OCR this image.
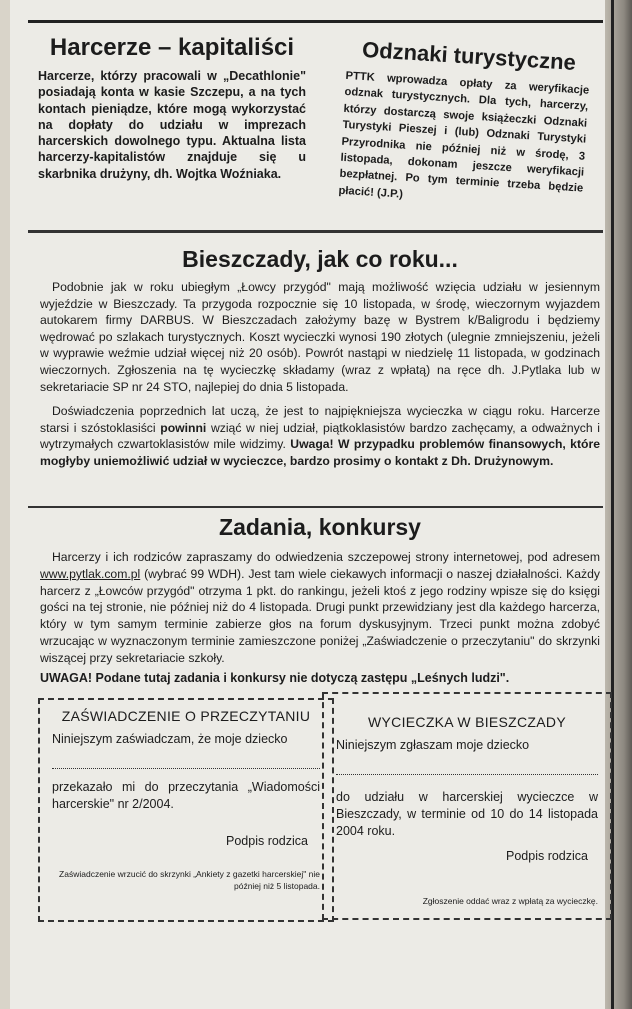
Harcerze – kapitaliści

Harcerze, którzy pracowali w „Decathlonie" posiadają konta w kasie Szczepu, a na tych kontach pieniądze, które mogą wykorzystać na dopłaty do udziału w imprezach harcerskich dowolnego typu. Aktualna lista harcerzy-kapitalistów znajduje się u skarbnika drużyny, dh. Wojtka Woźniaka.

Odznaki turystyczne

PTTK wprowadza opłaty za weryfikacje odznak turystycznych. Dla tych, harcerzy, którzy dostarczą swoje książeczki Odznaki Turystyki Pieszej i (lub) Odznaki Turystyki Przyrodnika nie później niż w środę, 3 listopada, dokonam jeszcze weryfikacji bezpłatnej. Po tym terminie trzeba będzie płacić! (J.P.)

Bieszczady, jak co roku...

Podobnie jak w roku ubiegłym „Łowcy przygód" mają możliwość wzięcia udziału w jesiennym wyjeździe w Bieszczady. Ta przygoda rozpocznie się 10 listopada, w środę, wieczornym wyjazdem autokarem firmy DARBUS. W Bieszczadach założymy bazę w Bystrem k/Baligrodu i będziemy wędrować po szlakach turystycznych. Koszt wycieczki wynosi 190 złotych (ulegnie zmniejszeniu, jeżeli w wyprawie weźmie udział więcej niż 20 osób). Powrót nastąpi w niedzielę 11 listopada, w godzinach wieczornych. Zgłoszenia na tę wycieczkę składamy (wraz z wpłatą) na ręce dh. J.Pytlaka lub w sekretariacie SP nr 24 STO, najlepiej do dnia 5 listopada.

Doświadczenia poprzednich lat uczą, że jest to najpiękniejsza wycieczka w ciągu roku. Harcerze starsi i szóstoklasiści powinni wziąć w niej udział, piątkoklasistów bardzo zachęcamy, a odważnych i wytrzymałych czwartoklasistów mile widzimy. Uwaga! W przypadku problemów finansowych, które mogłyby uniemożliwić udział w wycieczce, bardzo prosimy o kontakt z Dh. Drużynowym.

Zadania, konkursy

Harcerzy i ich rodziców zapraszamy do odwiedzenia szczepowej strony internetowej, pod adresem www.pytlak.com.pl (wybrać 99 WDH). Jest tam wiele ciekawych informacji o naszej działalności. Każdy harcerz z „Łowców przygód" otrzyma 1 pkt. do rankingu, jeżeli ktoś z jego rodziny wpisze się do księgi gości na tej stronie, nie później niż do 4 listopada. Drugi punkt przewidziany jest dla każdego harcerza, który w tym samym terminie zabierze głos na forum dyskusyjnym. Trzeci punkt można zdobyć wrzucając w wyznaczonym terminie zamieszczone poniżej „Zaświadczenie o przeczytaniu" do skrzynki wiszącej przy sekretariacie szkoły.

UWAGA! Podane tutaj zadania i konkursy nie dotyczą zastępu „Leśnych ludzi".

ZAŚWIADCZENIE O PRZECZYTANIU
Niniejszym zaświadczam, że moje dziecko
przekazało mi do przeczytania „Wiadomości harcerskie" nr 2/2004.
Podpis rodzica
Zaświadczenie wrzucić do skrzynki „Ankiety z gazetki harcerskiej" nie później niż 5 listopada.
WYCIECZKA W BIESZCZADY
Niniejszym zgłaszam moje dziecko
do udziału w harcerskiej wycieczce w Bieszczady, w terminie od 10 do 14 listopada 2004 roku.
Podpis rodzica
Zgłoszenie oddać wraz z wpłatą za wycieczkę.
